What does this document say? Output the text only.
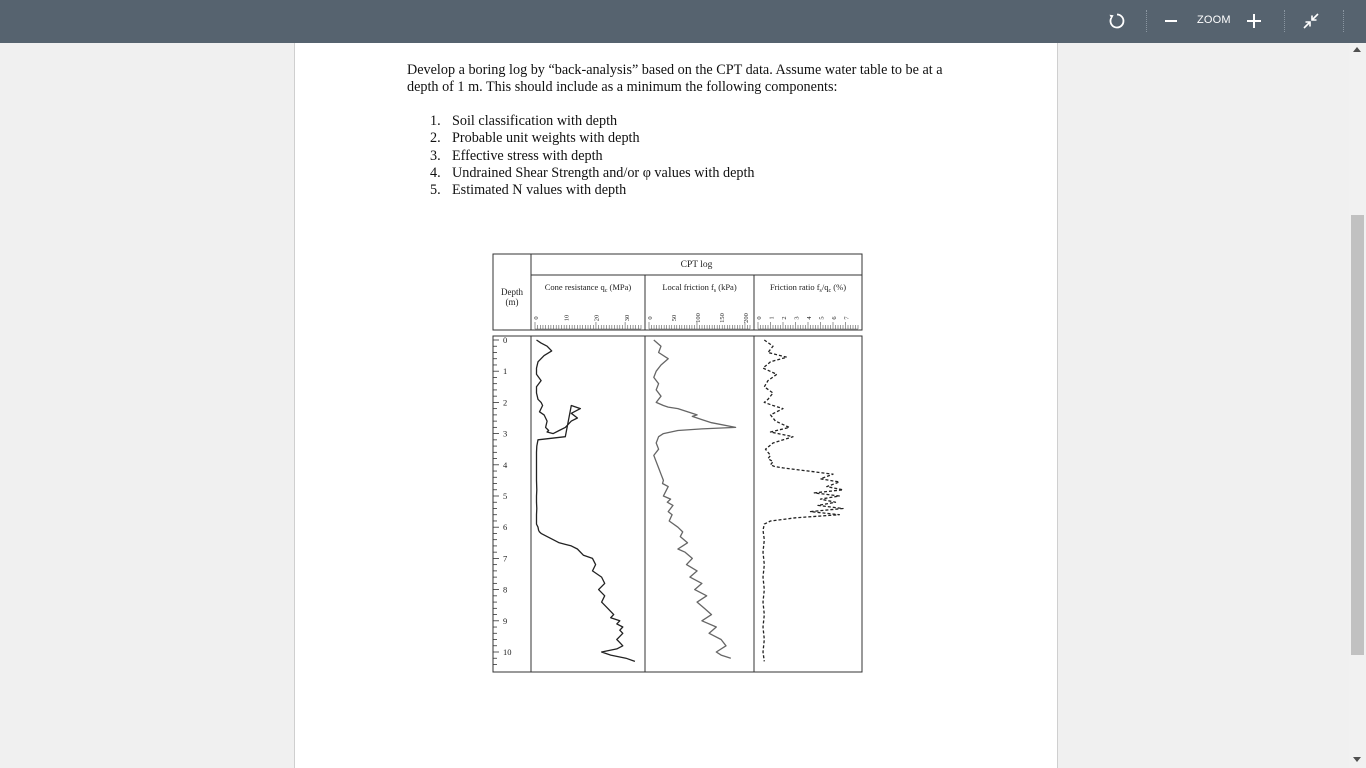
ZOOM

Develop a boring log by “back-analysis” based on the CPT data. Assume water table to be at a depth of 1 m. This should include as a minimum the following components:

1. Soil classification with depth
2. Probable unit weights with depth
3. Effective stress with depth
4. Undrained Shear Strength and/or φ values with depth
5. Estimated N values with depth
CPT log
Depth
(m)
0
1
2
3
4
5
6
7
8
9
10
Cone resistance $q_c$ (MPa)
0	10	20	30
Local friction $f_s$ (kPa)
0	50	100	150	200
Friction ratio $f_s/q_c$ (%)
0 1 2 3 4 5 6 7
